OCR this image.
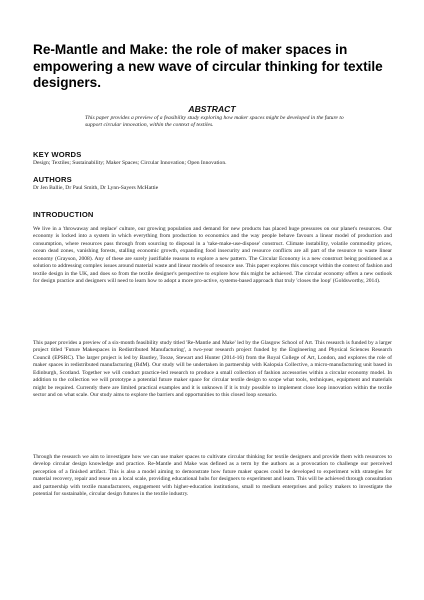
Re-Mantle and Make: the role of maker spaces in empowering a new wave of circular thinking for textile designers.
ABSTRACT

This paper provides a preview of a feasibility study exploring how maker spaces might be developed in the future to support circular innovation, within the context of textiles.

KEY WORDS

Design; Textiles; Sustainability; Maker Spaces; Circular Innovation; Open Innovation.

AUTHORS

Dr Jen Ballie, Dr Paul Smith, Dr Lynn-Sayers McHattie

INTRODUCTION

We live in a 'throwaway and replace' culture, our growing population and demand for new products has placed huge pressures on our planet's resources. Our economy is locked into a system in which everything from production to economics and the way people behave favours a linear model of production and consumption, where resources pass through from sourcing to disposal in a 'take-make-use-dispose' construct. Climate instability, volatile commodity prices, ocean dead zones, vanishing forests, stalling economic growth, expanding food insecurity and resource conflicts are all part of the resource to waste linear economy (Grayson, 2008). Any of these are surely justifiable reasons to explore a new pattern. The Circular Economy is a new construct being positioned as a solution to addressing complex issues around material waste and linear models of resource use. This paper explores this concept within the context of fashion and textile design in the UK, and does so from the textile designer's perspective to explore how this might be achieved. The circular economy offers a new outlook for design practice and designers will need to learn how to adopt a more pro-active, systems-based approach that truly 'closes the loop' (Goldsworthy, 2014).

This paper provides a preview of a six-month feasibility study titled 'Re-Mantle and Make' led by the Glasgow School of Art. This research is funded by a larger project titled 'Future Makespaces in Redistributed Manufacturing', a two-year research project funded by the Engineering and Physical Sciences Research Council (EPSRC). The larger project is led by Bautley, Tooze, Stewart and Hunter (2014-16) from the Royal College of Art, London, and explores the role of maker spaces in redistributed manufacturing (RdM). Our study will be undertaken in partnership with Kalopsia Collective, a micro-manufacturing unit based in Edinburgh, Scotland. Together we will conduct practice-led research to produce a small collection of fashion accessories within a circular economy model. In addition to the collection we will prototype a potential future maker space for circular textile design to scope what tools, techniques, equipment and materials might be required. Currently there are limited practical examples and it is unknown if it is truly possible to implement close loop innovation within the textile sector and on what scale. Our study aims to explore the barriers and opportunities to this closed loop scenario.

Through the research we aim to investigate how we can use maker spaces to cultivate circular thinking for textile designers and provide them with resources to develop circular design knowledge and practice. Re-Mantle and Make was defined as a term by the authors as a provocation to challenge our perceived perception of a finished artifact. This is also a model aiming to demonstrate how future maker spaces could be developed to experiment with strategies for material recovery, repair and reuse on a local scale, providing educational hubs for designers to experiment and learn. This will be achieved through consultation and partnership with textile manufacturers, engagement with higher-education institutions, small to medium enterprises and policy makers to investigate the potential for sustainable, circular design futures in the textile industry.
